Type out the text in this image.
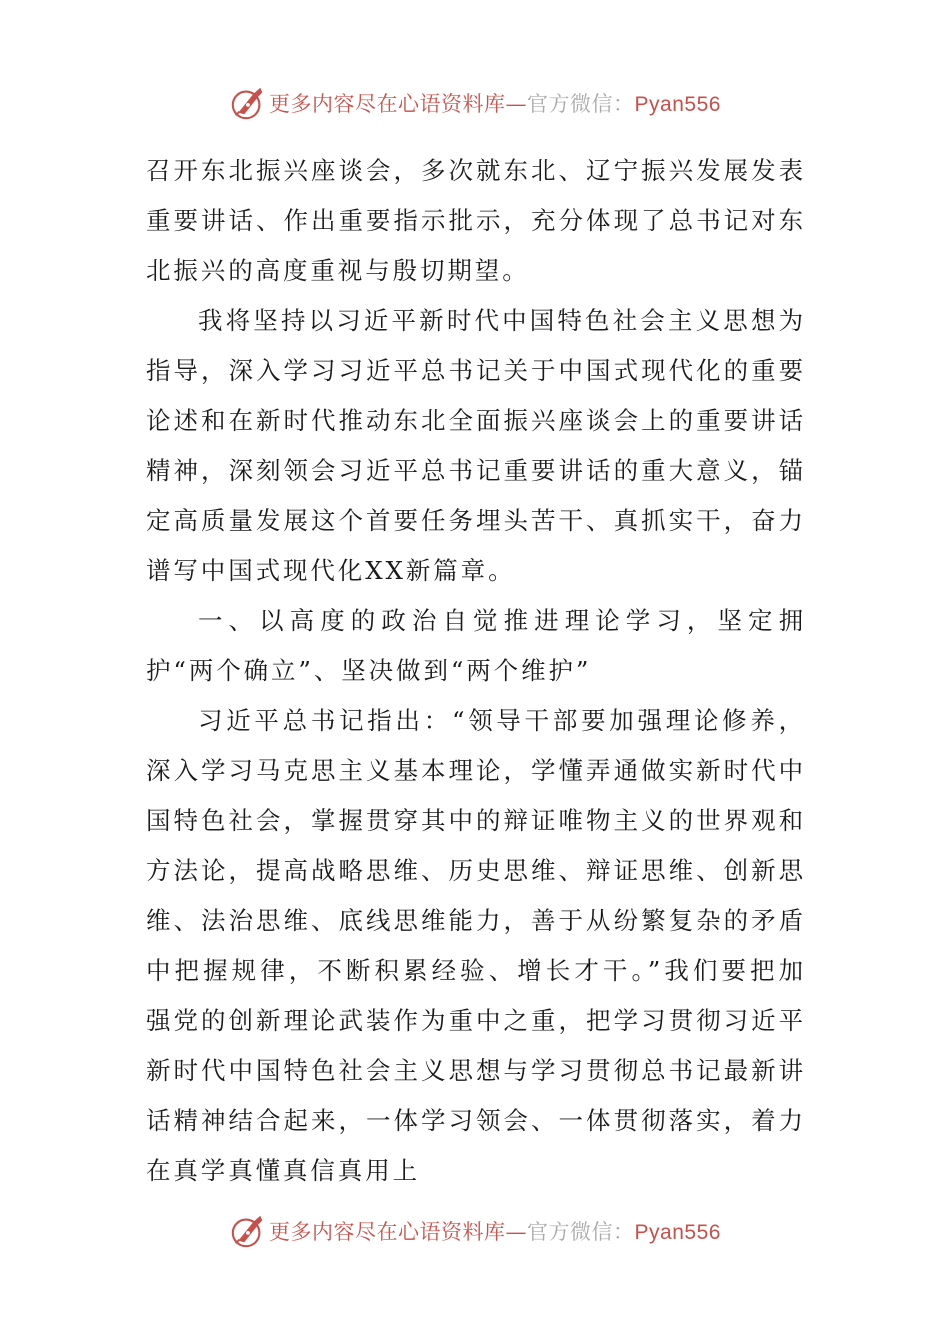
更多内容尽在心语资料库—官方微信：Pyan556

召开东北振兴座谈会，多次就东北、辽宁振兴发展发表重要讲话、作出重要指示批示，充分体现了总书记对东北振兴的高度重视与殷切期望。

我将坚持以习近平新时代中国特色社会主义思想为指导，深入学习习近平总书记关于中国式现代化的重要论述和在新时代推动东北全面振兴座谈会上的重要讲话精神，深刻领会习近平总书记重要讲话的重大意义，锚定高质量发展这个首要任务埋头苦干、真抓实干，奋力谱写中国式现代化XX新篇章。

一、以高度的政治自觉推进理论学习，坚定拥护“两个确立”、坚决做到“两个维护”

习近平总书记指出：“领导干部要加强理论修养，深入学习马克思主义基本理论，学懂弄通做实新时代中国特色社会，掌握贯穿其中的辩证唯物主义的世界观和方法论，提高战略思维、历史思维、辩证思维、创新思维、法治思维、底线思维能力，善于从纷繁复杂的矛盾中把握规律，不断积累经验、增长才干。”我们要把加强党的创新理论武装作为重中之重，把学习贯彻习近平新时代中国特色社会主义思想与学习贯彻总书记最新讲话精神结合起来，一体学习领会、一体贯彻落实，着力在真学真懂真信真用上

更多内容尽在心语资料库—官方微信：Pyan556
